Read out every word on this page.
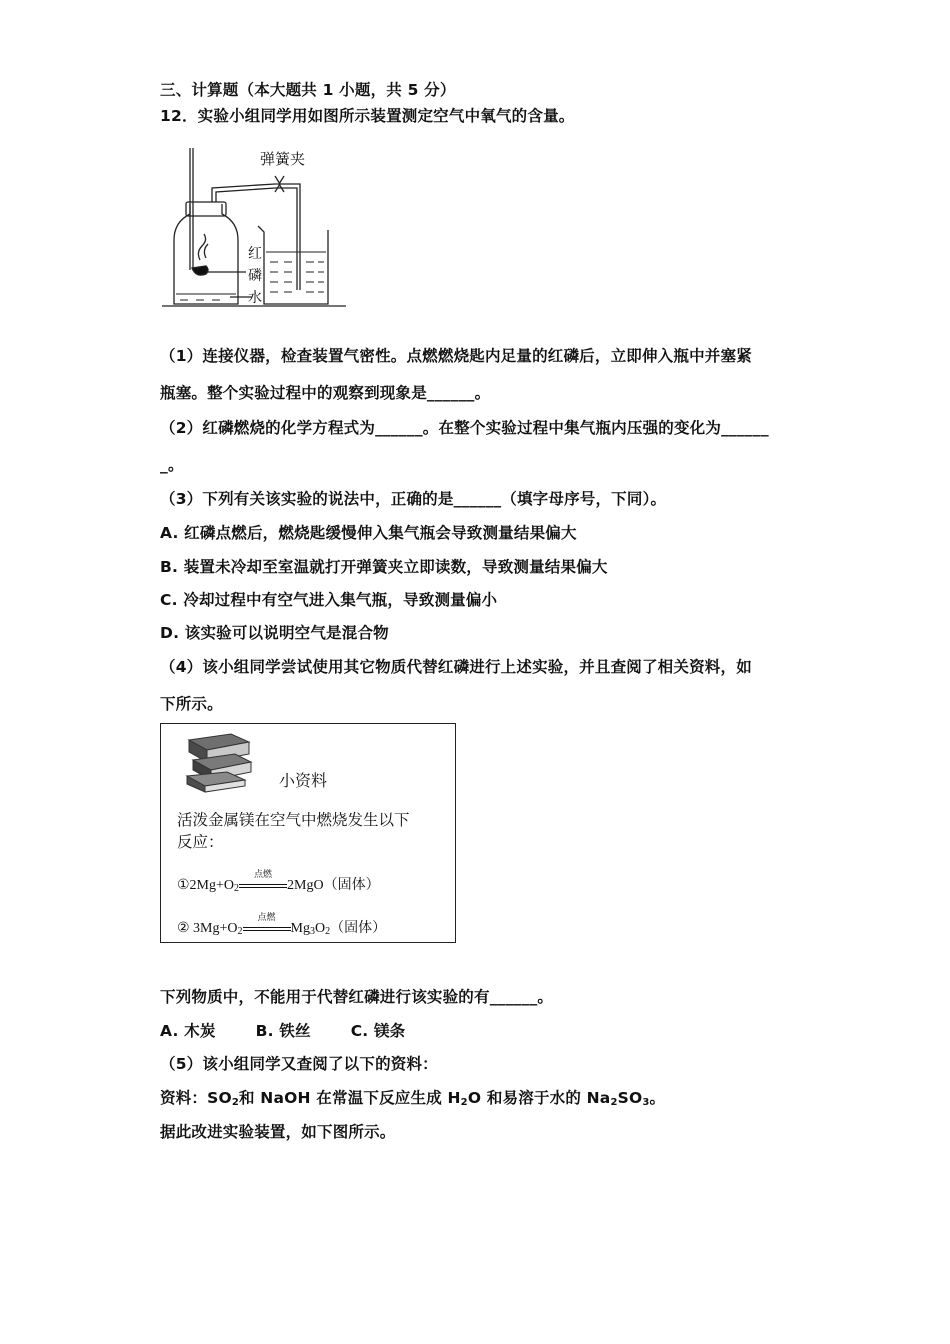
三、计算题（本大题共 1 小题，共 5 分）
12．实验小组同学用如图所示装置测定空气中氧气的含量。
弹簧夹
红
磷
水
（1）连接仪器，检查装置气密性。点燃燃烧匙内足量的红磷后，立即伸入瓶中并塞紧
瓶塞。整个实验过程中的观察到现象是______。
（2）红磷燃烧的化学方程式为______。在整个实验过程中集气瓶内压强的变化为______
_。
（3）下列有关该实验的说法中，正确的是______（填字母序号，下同）。
A. 红磷点燃后，燃烧匙缓慢伸入集气瓶会导致测量结果偏大
B. 装置未冷却至室温就打开弹簧夹立即读数，导致测量结果偏大
C. 冷却过程中有空气进入集气瓶，导致测量偏小
D. 该实验可以说明空气是混合物
（4）该小组同学尝试使用其它物质代替红磷进行上述实验，并且查阅了相关资料，如
下所示。
小资料
活泼金属镁在空气中燃烧发生以下
反应：
$①2Mg+O_2$
点燃
2MgO（固体）
② $3Mg+O_2$
点燃
$Mg_3O_2$（固体）
下列物质中，不能用于代替红磷进行该实验的有______。
A. 木炭	B. 铁丝	C. 镁条
（5）该小组同学又查阅了以下的资料：
资料：$SO_2$和 NaOH 在常温下反应生成 $H_2O$ 和易溶于水的 $Na_2SO_3$。
据此改进实验装置，如下图所示。
